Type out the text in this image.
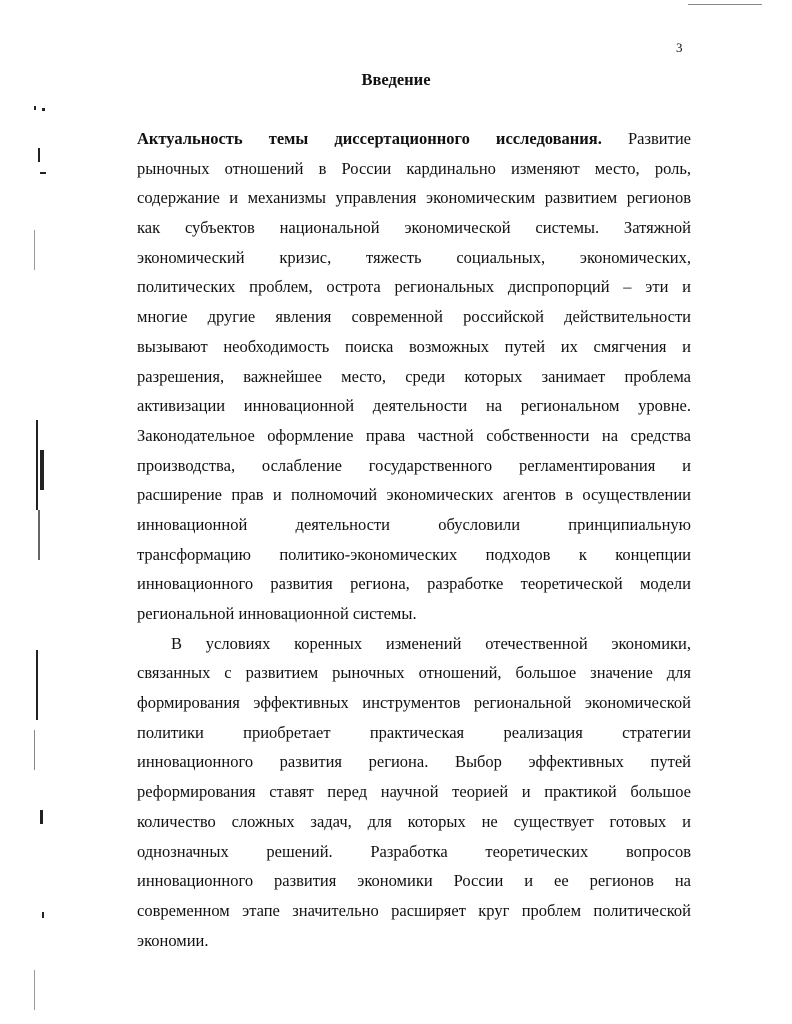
3
Введение
Актуальность темы диссертационного исследования. Развитие
рыночных отношений в России кардинально изменяют место, роль,
содержание и механизмы управления экономическим развитием регионов
как субъектов национальной экономической системы. Затяжной
экономический кризис, тяжесть социальных, экономических,
политических проблем, острота региональных диспропорций – эти и
многие другие явления современной российской действительности
вызывают необходимость поиска возможных путей их смягчения и
разрешения, важнейшее место, среди которых занимает проблема
активизации инновационной деятельности на региональном уровне.
Законодательное оформление права частной собственности на средства
производства, ослабление государственного регламентирования и
расширение прав и полномочий экономических агентов в осуществлении
инновационной деятельности обусловили принципиальную
трансформацию политико-экономических подходов к концепции
инновационного развития региона, разработке теоретической модели
региональной инновационной системы.
В условиях коренных изменений отечественной экономики,
связанных с развитием рыночных отношений, большое значение для
формирования эффективных инструментов региональной экономической
политики приобретает практическая реализация стратегии
инновационного развития региона. Выбор эффективных путей
реформирования ставят перед научной теорией и практикой большое
количество сложных задач, для которых не существует готовых и
однозначных решений. Разработка теоретических вопросов
инновационного развития экономики России и ее регионов на
современном этапе значительно расширяет круг проблем политической
экономии.
